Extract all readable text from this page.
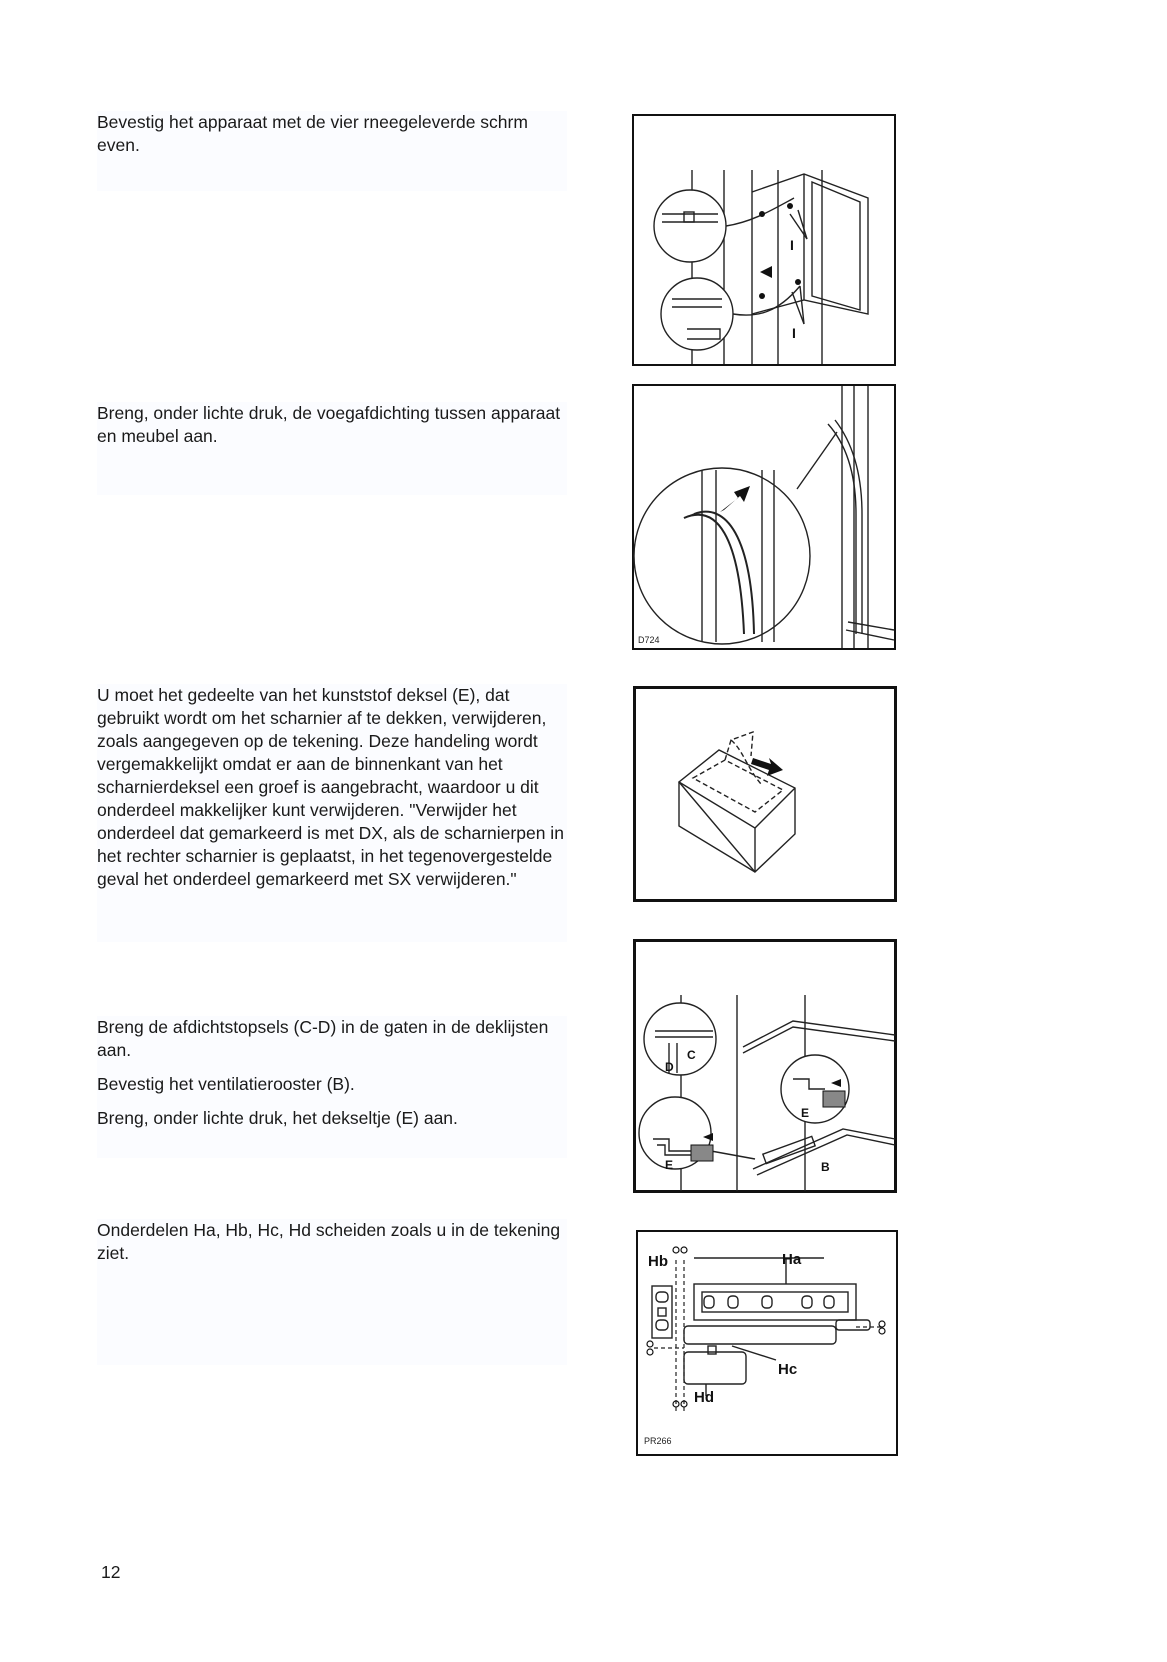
Bevestig het apparaat met de vier rneegeleverde schrm even.

I
I

Breng, onder lichte druk, de voegafdichting tussen apparaat en meubel aan.

D724

U moet het gedeelte van het kunststof deksel (E), dat gebruikt wordt om het scharnier af te dekken, verwijderen, zoals aangegeven op de tekening. Deze handeling wordt vergemakkelijkt omdat er aan de binnenkant van het scharnierdeksel een groef is aangebracht, waardoor u dit onderdeel makkelijker kunt verwijderen. "Verwijder het onderdeel dat gemarkeerd is met DX, als de scharnierpen in het rechter scharnier is geplaatst, in het tegenovergestelde geval het onderdeel gemarkeerd met SX verwijderen."

Breng de afdichtstopsels (C-D) in de gaten in de deklijsten aan.

Bevestig het ventilatierooster (B).

Breng, onder lichte druk, het dekseltje (E) aan.

C
D
E
E
B

Onderdelen Ha, Hb, Hc, Hd scheiden zoals u in de tekening ziet.	Hb	Ha
Hc
Hd
PR266
12
